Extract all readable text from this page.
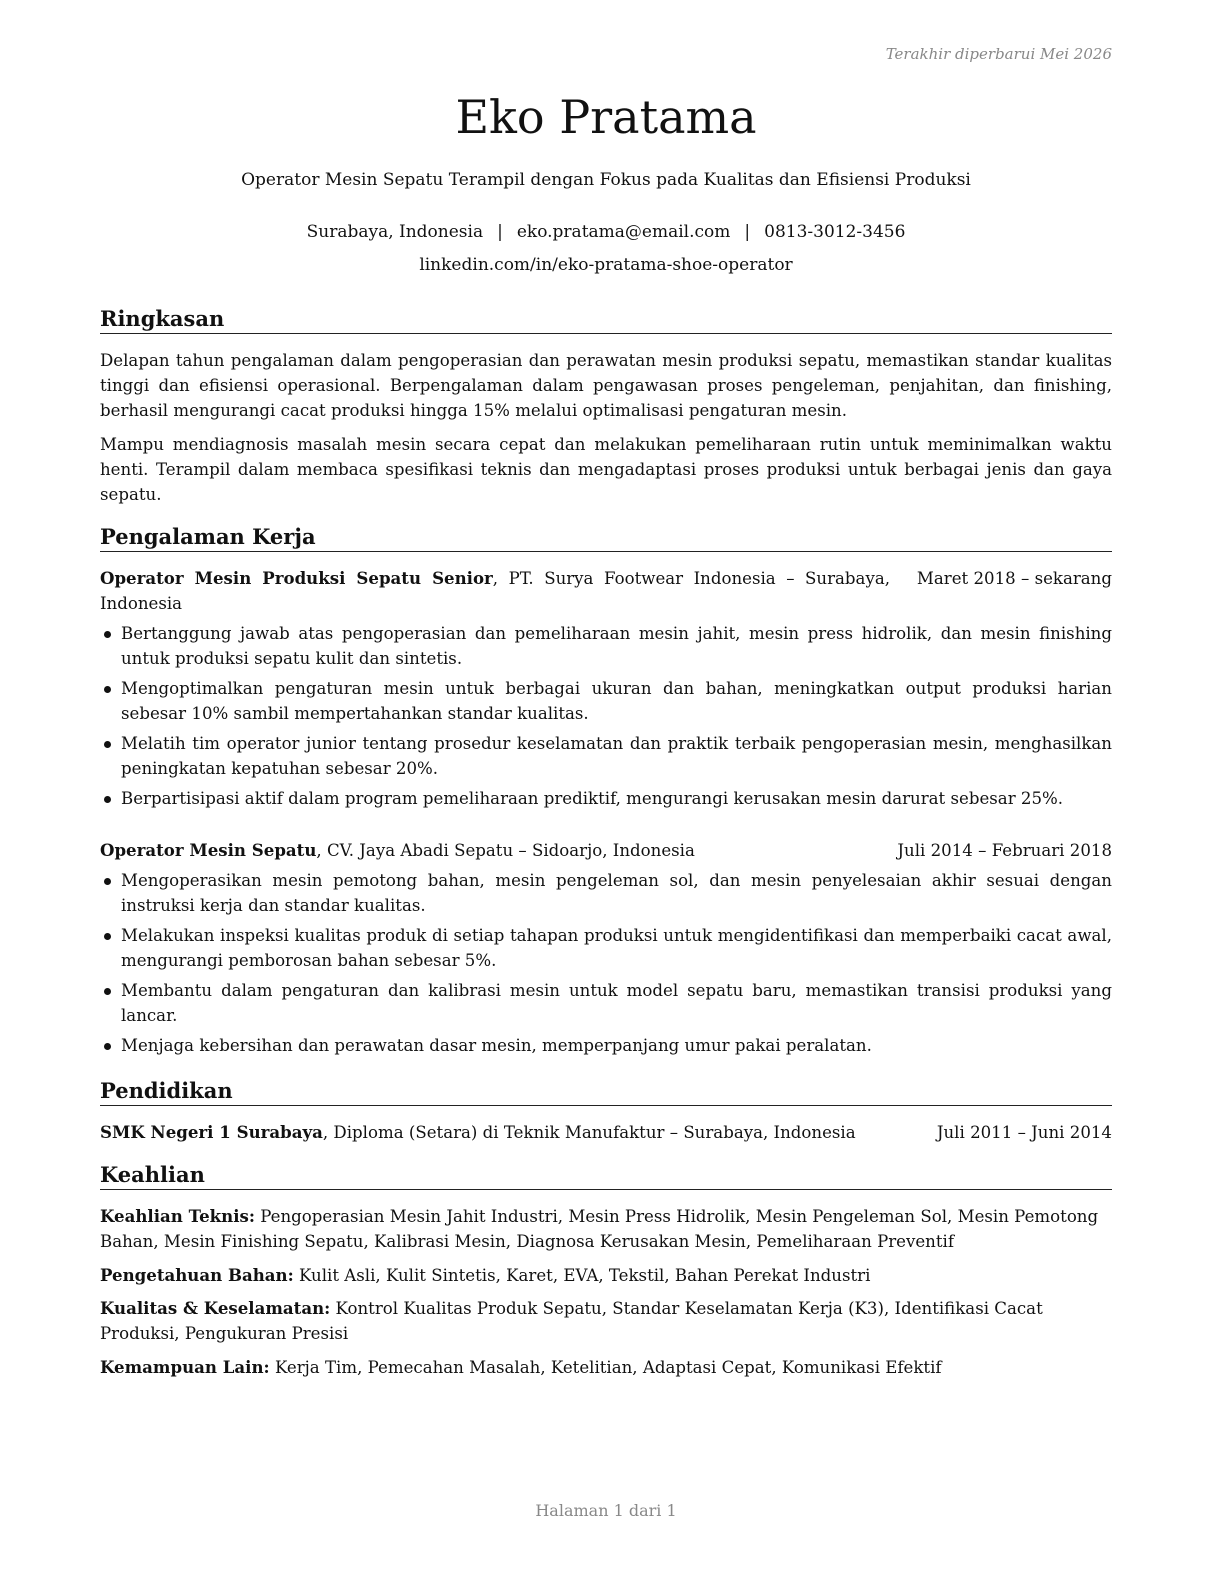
Terakhir diperbarui Mei 2026
Eko Pratama
Operator Mesin Sepatu Terampil dengan Fokus pada Kualitas dan Efisiensi Produksi
Surabaya, Indonesia | eko.pratama@email.com | 0813-3012-3456
linkedin.com/in/eko-pratama-shoe-operator
Ringkasan

Delapan tahun pengalaman dalam pengoperasian dan perawatan mesin produksi sepatu, memastikan standar kualitas tinggi dan efisiensi operasional. Berpengalaman dalam pengawasan proses pengeleman, penjahitan, dan finishing, berhasil mengurangi cacat produksi hingga 15% melalui optimalisasi pengaturan mesin.

Mampu mendiagnosis masalah mesin secara cepat dan melakukan pemeliharaan rutin untuk meminimalkan waktu henti. Terampil dalam membaca spesifikasi teknis dan mengadaptasi proses produksi untuk berbagai jenis dan gaya sepatu.

Pengalaman Kerja
Operator Mesin Produksi Sepatu Senior, PT. Surya Footwear Indonesia – Surabaya, Indonesia
Maret 2018 – sekarang
Bertanggung jawab atas pengoperasian dan pemeliharaan mesin jahit, mesin press hidrolik, dan mesin finishing untuk produksi sepatu kulit dan sintetis.
Mengoptimalkan pengaturan mesin untuk berbagai ukuran dan bahan, meningkatkan output produksi harian sebesar 10% sambil mempertahankan standar kualitas.
Melatih tim operator junior tentang prosedur keselamatan dan praktik terbaik pengoperasian mesin, menghasilkan peningkatan kepatuhan sebesar 20%.
Berpartisipasi aktif dalam program pemeliharaan prediktif, mengurangi kerusakan mesin darurat sebesar 25%.
Operator Mesin Sepatu, CV. Jaya Abadi Sepatu – Sidoarjo, Indonesia	Juli 2014 – Februari 2018
Mengoperasikan mesin pemotong bahan, mesin pengeleman sol, dan mesin penyelesaian akhir sesuai dengan instruksi kerja dan standar kualitas.
Melakukan inspeksi kualitas produk di setiap tahapan produksi untuk mengidentifikasi dan memperbaiki cacat awal, mengurangi pemborosan bahan sebesar 5%.
Membantu dalam pengaturan dan kalibrasi mesin untuk model sepatu baru, memastikan transisi produksi yang lancar.
Menjaga kebersihan dan perawatan dasar mesin, memperpanjang umur pakai peralatan.
Pendidikan
SMK Negeri 1 Surabaya, Diploma (Setara) di Teknik Manufaktur – Surabaya, Indonesia	Juli 2011 – Juni 2014
Keahlian
Keahlian Teknis: Pengoperasian Mesin Jahit Industri, Mesin Press Hidrolik, Mesin Pengeleman Sol, Mesin Pemotong Bahan, Mesin Finishing Sepatu, Kalibrasi Mesin, Diagnosa Kerusakan Mesin, Pemeliharaan Preventif
Pengetahuan Bahan: Kulit Asli, Kulit Sintetis, Karet, EVA, Tekstil, Bahan Perekat Industri
Kualitas & Keselamatan: Kontrol Kualitas Produk Sepatu, Standar Keselamatan Kerja (K3), Identifikasi Cacat Produksi, Pengukuran Presisi
Kemampuan Lain: Kerja Tim, Pemecahan Masalah, Ketelitian, Adaptasi Cepat, Komunikasi Efektif
Halaman 1 dari 1
